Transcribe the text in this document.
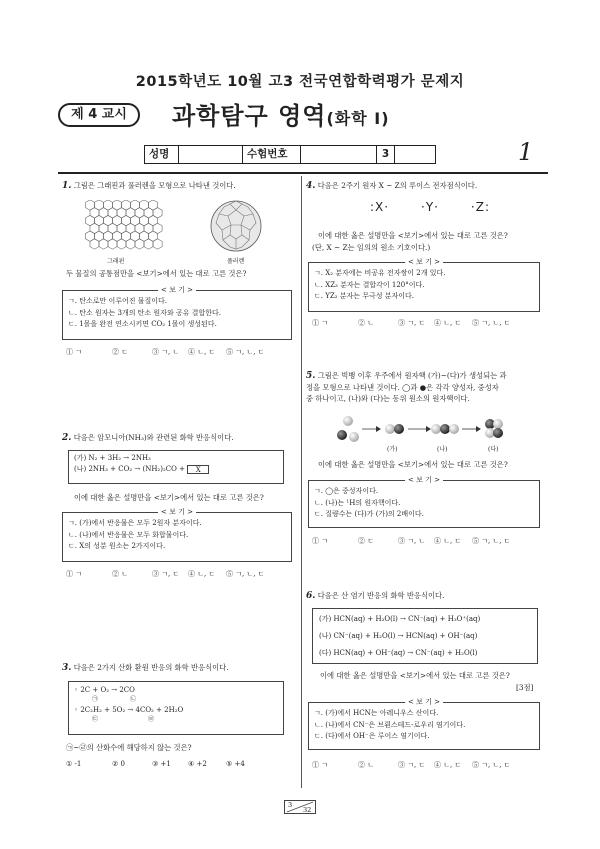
2015학년도 10월 고3 전국연합학력평가 문제지
제 4 교시	과학탐구 영역(화학 Ⅰ)
성명	수험번호	3	1
1. 그림은 그래핀과 풀러렌을 모형으로 나타낸 것이다.
그래핀	풀러렌
두 물질의 공통점만을 <보기>에서 있는 대로 고른 것은?
< 보 기 >
ㄱ. 탄소로만 이루어진 물질이다.
ㄴ. 탄소 원자는 3개의 탄소 원자와 공유 결합한다.
ㄷ. 1몰을 완전 연소시키면 CO₂ 1몰이 생성된다.
① ㄱ	② ㄷ	③ ㄱ, ㄴ	④ ㄴ, ㄷ	⑤ ㄱ, ㄴ, ㄷ
2. 다음은 암모니아(NH₃)와 관련된 화학 반응식이다.
(가) N₂ + 3H₂ → 2NH₃
(나) 2NH₃ + CO₂ → (NH₂)₂CO + X
이에 대한 옳은 설명만을 <보기>에서 있는 대로 고른 것은?
< 보 기 >
ㄱ. (가)에서 반응물은 모두 2원자 분자이다.
ㄴ. (나)에서 반응물은 모두 화합물이다.
ㄷ. X의 성분 원소는 2가지이다.
① ㄱ	② ㄴ	③ ㄱ, ㄷ	④ ㄴ, ㄷ	⑤ ㄱ, ㄴ, ㄷ
3. 다음은 2가지 산화 환원 반응의 화학 반응식이다.
◦ 2C + O₂ → 2CO
㉠	㉡
◦ 2C₂H₂ + 5O₂ → 4CO₂ + 2H₂O
㉢	㉣
㉠~㉣의 산화수에 해당하지 않는 것은?
① -1	② 0	③ +1	④ +2	⑤ +4
4. 다음은 2주기 원자 X ~ Z의 루이스 전자점식이다.
:X·	·Y·	·Z:
이에 대한 옳은 설명만을 <보기>에서 있는 대로 고른 것은?
(단, X ~ Z는 임의의 원소 기호이다.)
< 보 기 >
ㄱ. X₂ 분자에는 비공유 전자쌍이 2개 있다.
ㄴ. XZ₃ 분자는 결합각이 120°이다.
ㄷ. YZ₂ 분자는 무극성 분자이다.
① ㄱ	② ㄴ	③ ㄱ, ㄷ	④ ㄴ, ㄷ	⑤ ㄱ, ㄴ, ㄷ
5. 그림은 빅뱅 이후 우주에서 원자핵 (가)~(다)가 생성되는 과
정을 모형으로 나타낸 것이다. ◯과 ●은 각각 양성자, 중성자
중 하나이고, (나)와 (다)는 동위 원소의 원자핵이다.
(가)	(나)	(다)
이에 대한 옳은 설명만을 <보기>에서 있는 대로 고른 것은?
< 보 기 >
ㄱ. ◯은 중성자이다.
ㄴ. (나)는 ¹H의 원자핵이다.
ㄷ. 질량수는 (다)가 (가)의 2배이다.
① ㄱ	② ㄷ	③ ㄱ, ㄴ	④ ㄴ, ㄷ	⑤ ㄱ, ㄴ, ㄷ
6. 다음은 산 염기 반응의 화학 반응식이다.
(가) HCN(aq) + H₂O(l) → CN⁻(aq) + H₃O⁺(aq)
(나) CN⁻(aq) + H₂O(l) → HCN(aq) + OH⁻(aq)
(다) HCN(aq) + OH⁻(aq) → CN⁻(aq) + H₂O(l)
이에 대한 옳은 설명만을 <보기>에서 있는 대로 고른 것은?
[3점]
< 보 기 >
ㄱ. (가)에서 HCN는 아레니우스 산이다.
ㄴ. (나)에서 CN⁻은 브뢴스테드-로우리 염기이다.
ㄷ. (다)에서 OH⁻은 루이스 염기이다.
① ㄱ	② ㄴ	③ ㄱ, ㄷ	④ ㄴ, ㄷ	⑤ ㄱ, ㄴ, ㄷ
3
32
